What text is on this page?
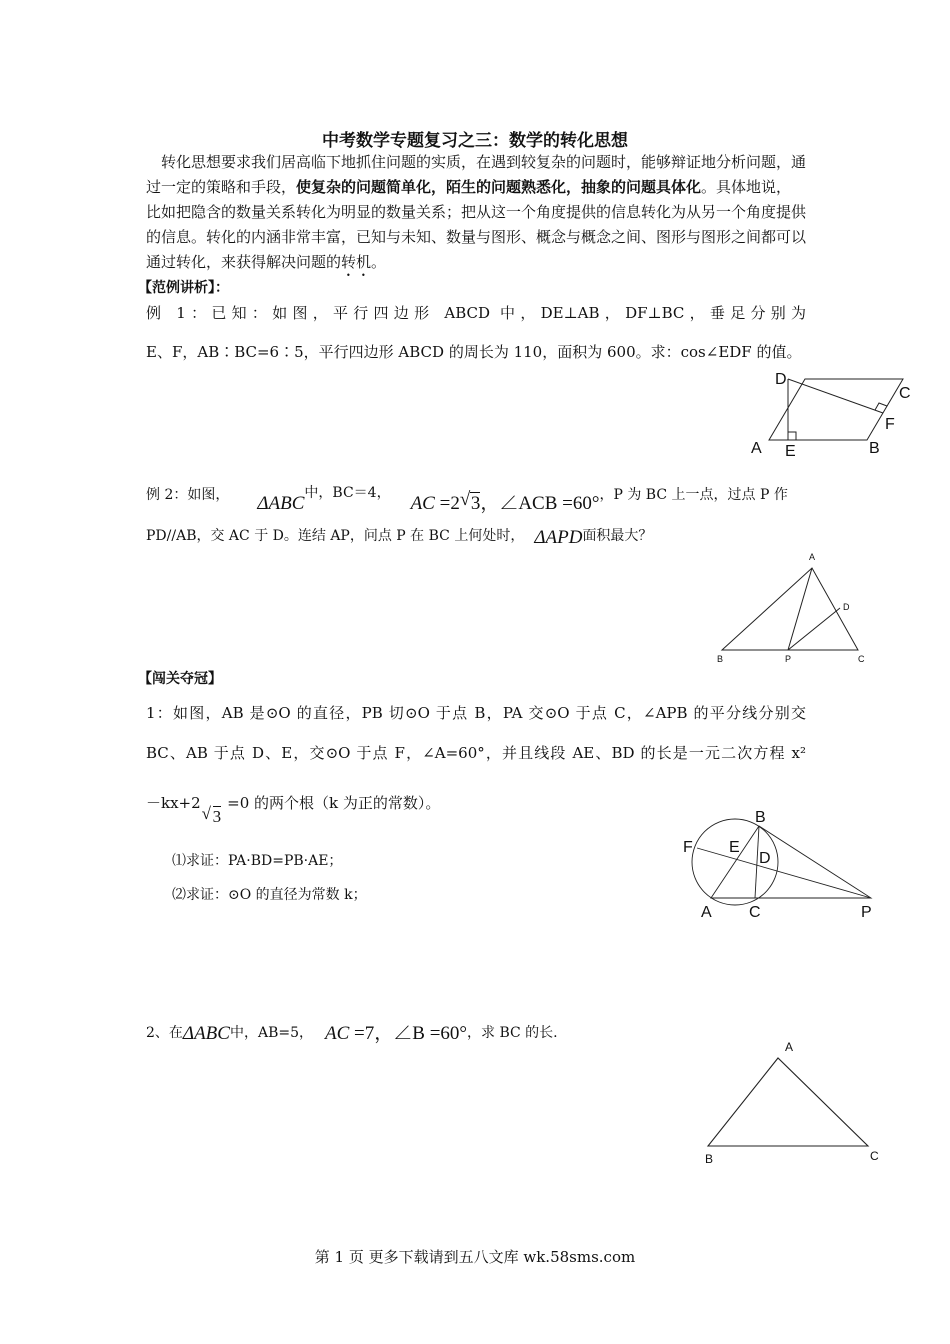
中考数学专题复习之三：数学的转化思想
 转化思想要求我们居高临下地抓住问题的实质，在遇到较复杂的问题时，能够辩证地分析问题，通过一定的策略和手段，使复杂的问题简单化，陌生的问题熟悉化，抽象的问题具体化。具体地说，比如把隐含的数量关系转化为明显的数量关系；把从这一个角度提供的信息转化为从另一个角度提供的信息。转化的内涵非常丰富，已知与未知、数量与图形、概念与概念之间、图形与图形之间都可以通过转化，来获得解决问题的转机。
【范例讲析】：
例 1：已知：如图，平行四边形 ABCD 中，DE⊥AB，DF⊥BC，垂足分别为
E、F，AB∶BC=6∶5，平行四边形 ABCD 的周长为 110，面积为 600。求：cos∠EDF 的值。
A E	B
C
D
F
例 2：如图， ΔABC中，BC＝4， AC =2 √ 3，∠ACB =60°，P 为 BC 上一点，过点 P 作
PD//AB，交 AC 于 D。连结 AP，问点 P 在 BC 上何处时， ΔAPD面积最大？
A
B	C
D
P
【闯关夺冠】
1：如图，AB 是⊙O 的直径，PB 切⊙O 于点 B，PA 交⊙O 于点 C，∠APB 的平分线分别交
BC、AB 于点 D、E，交⊙O 于点 F，∠A=60°，并且线段 AE、BD 的长是一元二次方程 x²
－kx+2
√ 3=0 的两个根（k 为正的常数）。
⑴求证：PA·BD=PB·AE；
⑵求证：⊙O 的直径为常数 k；
A
B
C
D
E
F
P
2、在ΔABC中，AB=5， AC =7，∠B =60°，求 BC 的长.
A
B	C
第 1 页 更多下载请到五八文库 wk.58sms.com
